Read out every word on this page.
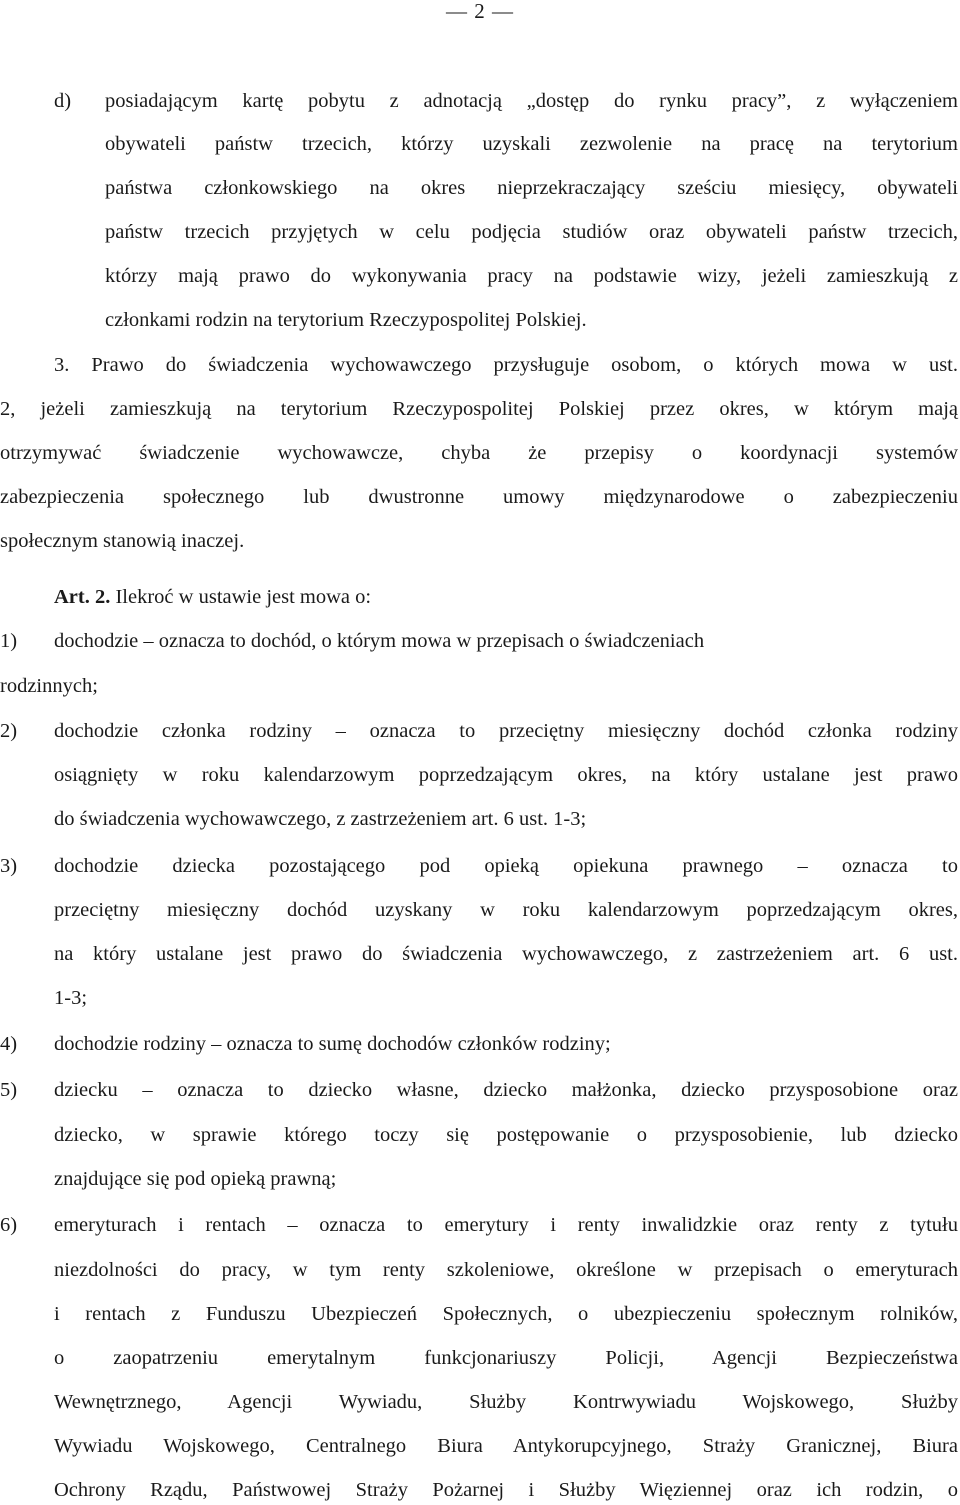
— 2 —
d) posiadającym kartę pobytu z adnotacją „dostęp do rynku pracy”, z wyłączeniem
obywateli państw trzecich, którzy uzyskali zezwolenie na pracę na terytorium
państwa członkowskiego na okres nieprzekraczający sześciu miesięcy, obywateli
państw trzecich przyjętych w celu podjęcia studiów oraz obywateli państw trzecich,
którzy mają prawo do wykonywania pracy na podstawie wizy, jeżeli zamieszkują z
członkami rodzin na terytorium Rzeczypospolitej Polskiej.
3. Prawo do świadczenia wychowawczego przysługuje osobom, o których mowa w ust.
2, jeżeli zamieszkują na terytorium Rzeczypospolitej Polskiej przez okres, w którym mają
otrzymywać świadczenie wychowawcze, chyba że przepisy o koordynacji systemów
zabezpieczenia społecznego lub dwustronne umowy międzynarodowe o zabezpieczeniu
społecznym stanowią inaczej.
Art. 2. Ilekroć w ustawie jest mowa o:
1) dochodzie – oznacza to dochód, o którym mowa w przepisach o świadczeniach
rodzinnych;
2) dochodzie członka rodziny – oznacza to przeciętny miesięczny dochód członka rodziny
osiągnięty w roku kalendarzowym poprzedzającym okres, na który ustalane jest prawo
do świadczenia wychowawczego, z zastrzeżeniem art. 6 ust. 1-3;
3) dochodzie dziecka pozostającego pod opieką opiekuna prawnego – oznacza to
przeciętny miesięczny dochód uzyskany w roku kalendarzowym poprzedzającym okres,
na który ustalane jest prawo do świadczenia wychowawczego, z zastrzeżeniem art. 6 ust.
1-3;
4) dochodzie rodziny – oznacza to sumę dochodów członków rodziny;
5) dziecku – oznacza to dziecko własne, dziecko małżonka, dziecko przysposobione oraz
dziecko, w sprawie którego toczy się postępowanie o przysposobienie, lub dziecko
znajdujące się pod opieką prawną;
6) emeryturach i rentach – oznacza to emerytury i renty inwalidzkie oraz renty z tytułu
niezdolności do pracy, w tym renty szkoleniowe, określone w przepisach o emeryturach
i rentach z Funduszu Ubezpieczeń Społecznych, o ubezpieczeniu społecznym rolników,
o zaopatrzeniu emerytalnym funkcjonariuszy Policji, Agencji Bezpieczeństwa
Wewnętrznego, Agencji Wywiadu, Służby Kontrwywiadu Wojskowego, Służby
Wywiadu Wojskowego, Centralnego Biura Antykorupcyjnego, Straży Granicznej, Biura
Ochrony Rządu, Państwowej Straży Pożarnej i Służby Więziennej oraz ich rodzin, o
